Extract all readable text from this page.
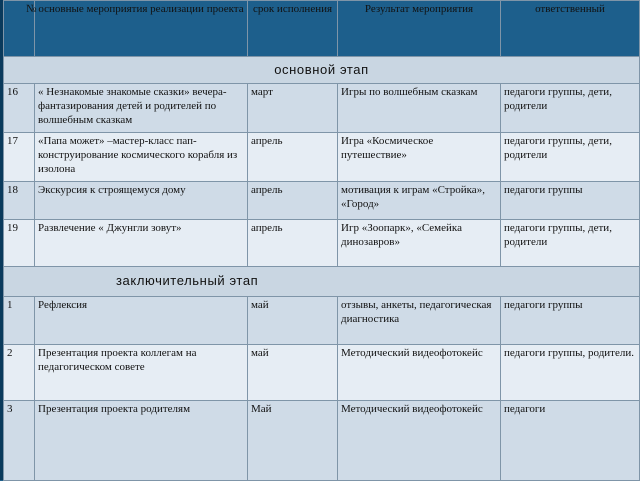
№	основные мероприятия реализации проекта	срок исполнения	Результат мероприятия	ответственный
основной этап				
16	« Незнакомые знакомые сказки» вечера-фантазирования детей и родителей по волшебным сказкам	март	Игры по волшебным сказкам	педагоги группы, дети, родители
17	«Папа может» –мастер-класс пап-конструирование космического корабля из изолона	апрель	Игра «Космическое путешествие»	педагоги группы, дети, родители
18	Экскурсия к строящемуся дому	апрель	мотивация к играм «Стройка», «Город»	педагоги группы
19	Развлечение « Джунгли зовут»	апрель	Игр «Зоопарк», «Семейка динозавров»	педагоги группы, дети, родители
заключительный этап				
1	Рефлексия	май	отзывы, анкеты, педагогическая диагностика	педагоги группы
2	Презентация проекта коллегам на педагогическом совете	май	Методический видеофотокейс	педагоги группы, родители.
3	Презентация проекта родителям	Май	Методический видеофотокейс	педагоги
